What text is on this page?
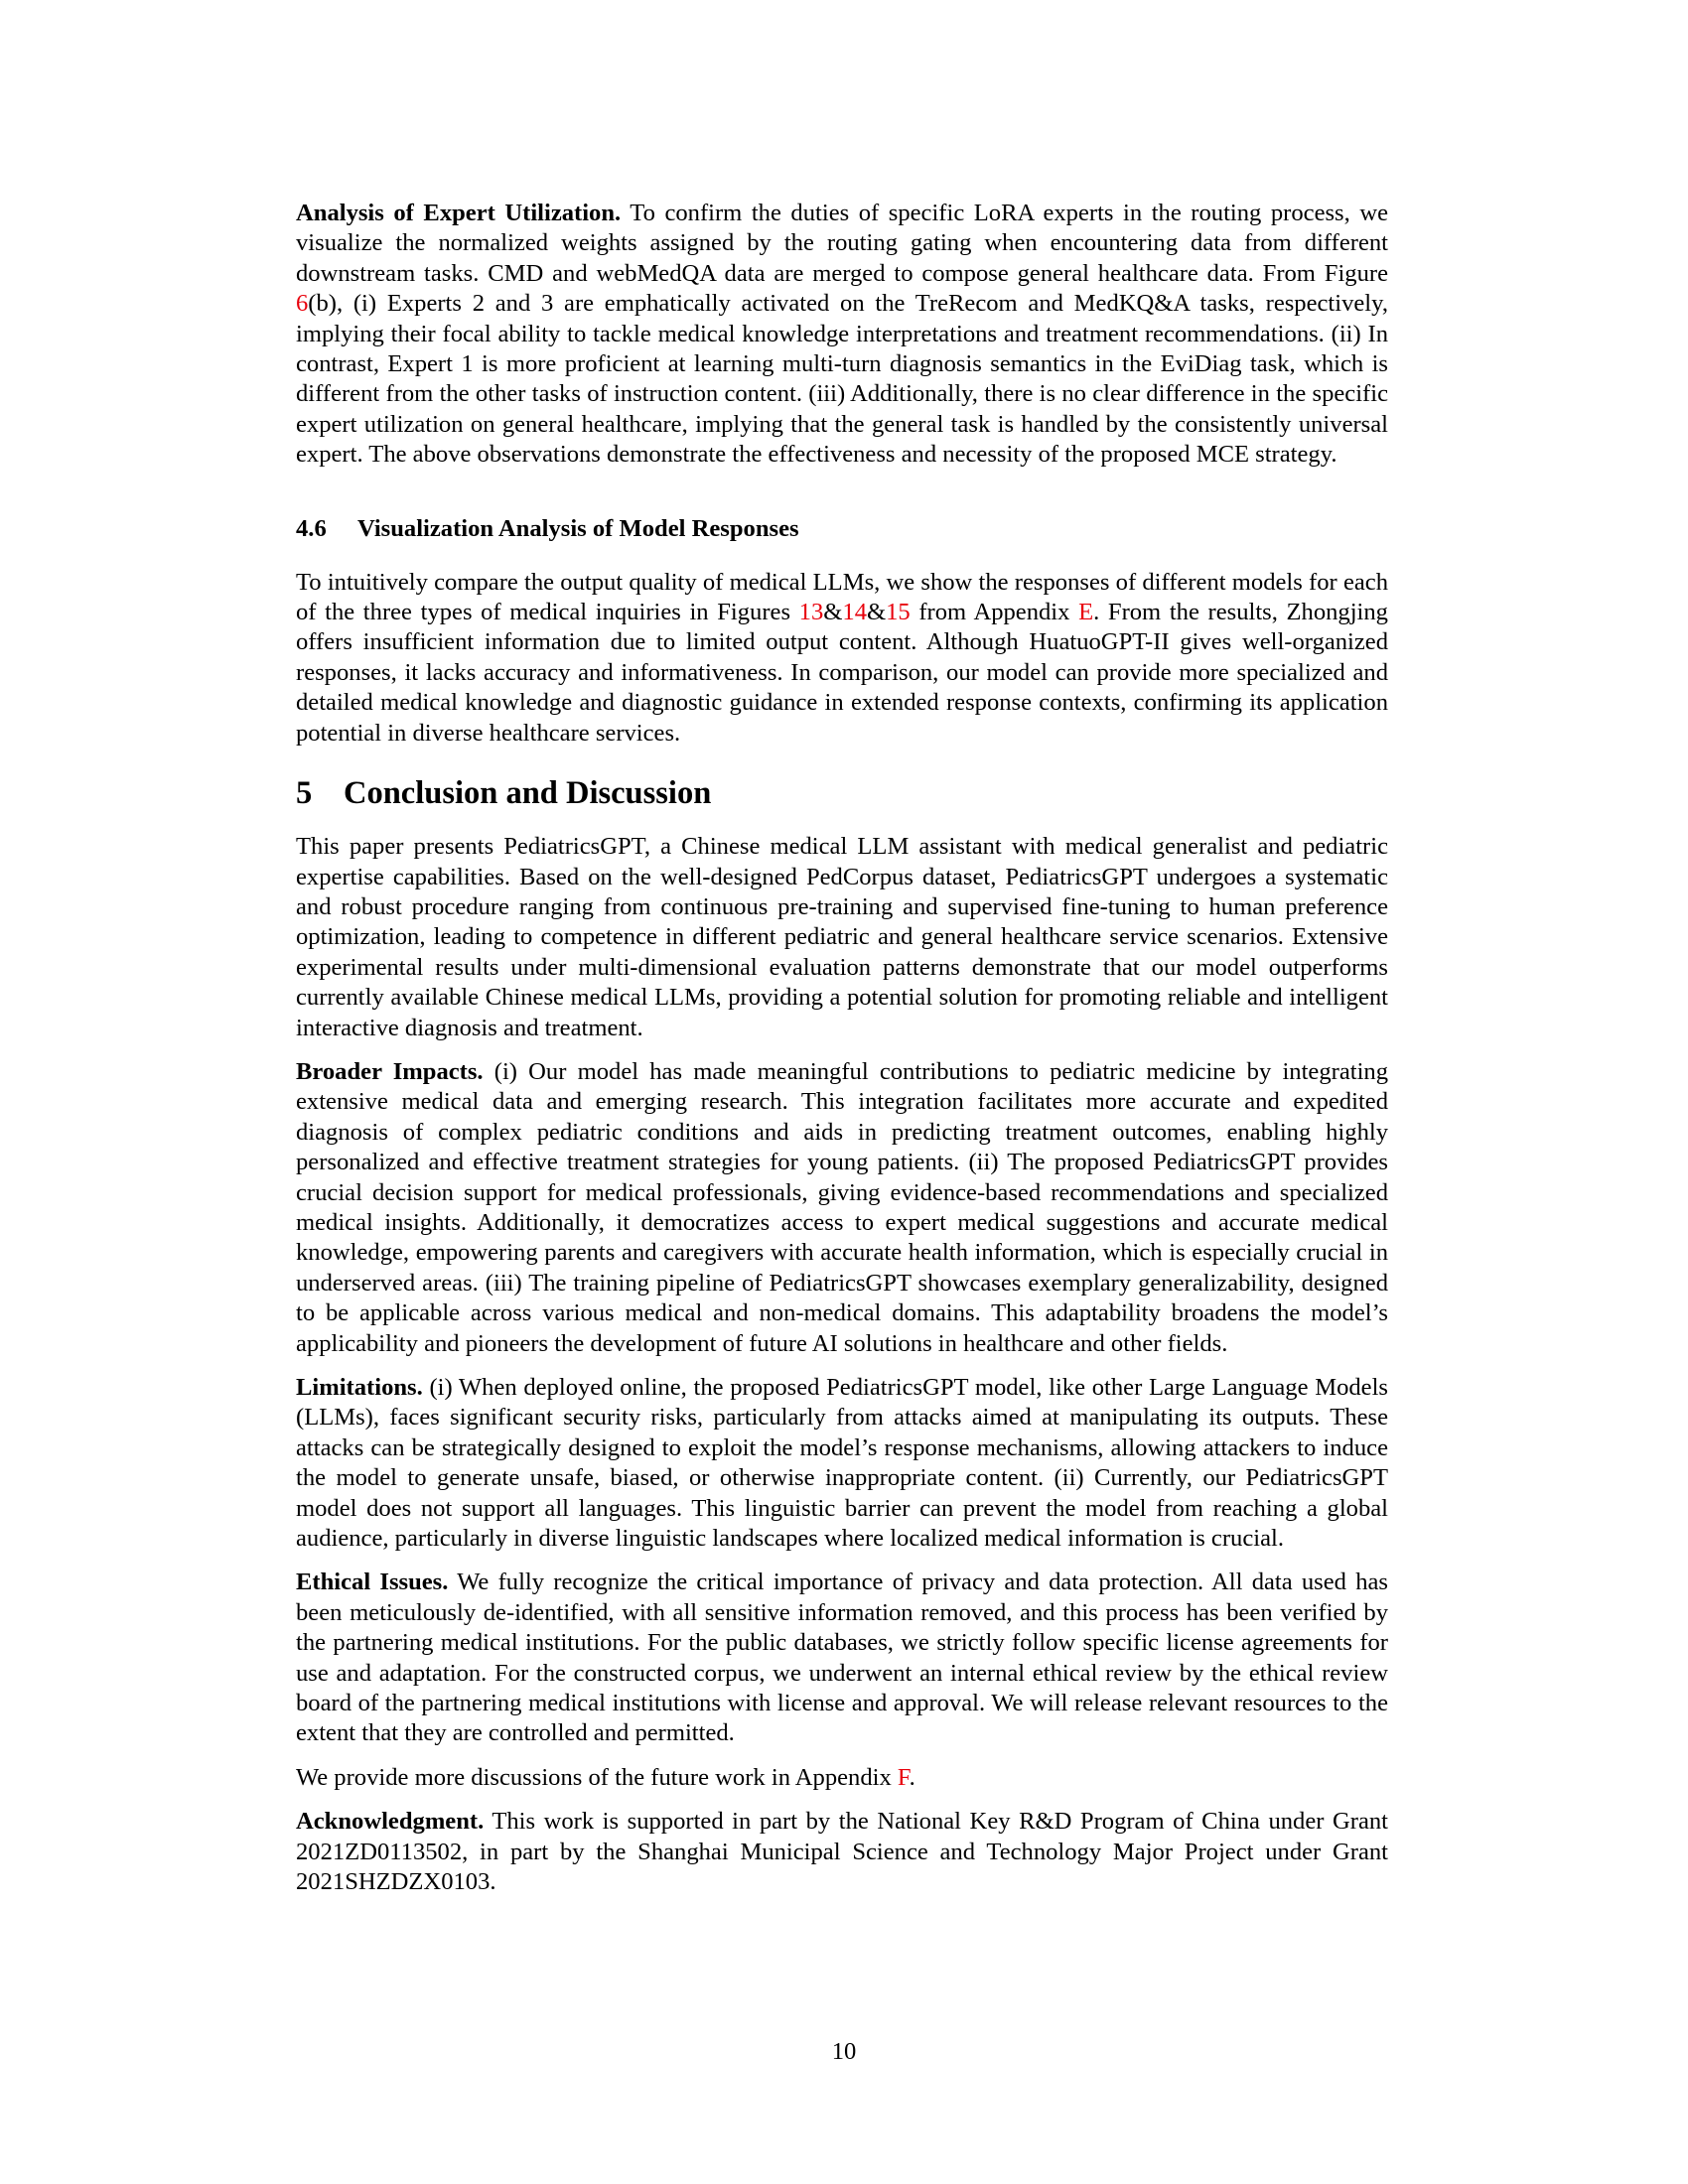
Analysis of Expert Utilization. To confirm the duties of specific LoRA experts in the routing process, we visualize the normalized weights assigned by the routing gating when encountering data from different downstream tasks. CMD and webMedQA data are merged to compose general healthcare data. From Figure 6(b), (i) Experts 2 and 3 are emphatically activated on the TreRecom and MedKQ&A tasks, respectively, implying their focal ability to tackle medical knowledge interpretations and treatment recommendations. (ii) In contrast, Expert 1 is more proficient at learning multi-turn diagnosis semantics in the EviDiag task, which is different from the other tasks of instruction content. (iii) Additionally, there is no clear difference in the specific expert utilization on general healthcare, implying that the general task is handled by the consistently universal expert. The above observations demonstrate the effectiveness and necessity of the proposed MCE strategy.

4.6 Visualization Analysis of Model Responses

To intuitively compare the output quality of medical LLMs, we show the responses of different models for each of the three types of medical inquiries in Figures 13&14&15 from Appendix E. From the results, Zhongjing offers insufficient information due to limited output content. Although HuatuoGPT-II gives well-organized responses, it lacks accuracy and informativeness. In comparison, our model can provide more specialized and detailed medical knowledge and diagnostic guidance in extended response contexts, confirming its application potential in diverse healthcare services.

5 Conclusion and Discussion

This paper presents PediatricsGPT, a Chinese medical LLM assistant with medical generalist and pediatric expertise capabilities. Based on the well-designed PedCorpus dataset, PediatricsGPT undergoes a systematic and robust procedure ranging from continuous pre-training and supervised fine-tuning to human preference optimization, leading to competence in different pediatric and general healthcare service scenarios. Extensive experimental results under multi-dimensional evaluation patterns demonstrate that our model outperforms currently available Chinese medical LLMs, providing a potential solution for promoting reliable and intelligent interactive diagnosis and treatment.

Broader Impacts. (i) Our model has made meaningful contributions to pediatric medicine by integrating extensive medical data and emerging research. This integration facilitates more accurate and expedited diagnosis of complex pediatric conditions and aids in predicting treatment outcomes, enabling highly personalized and effective treatment strategies for young patients. (ii) The proposed PediatricsGPT provides crucial decision support for medical professionals, giving evidence-based recommendations and specialized medical insights. Additionally, it democratizes access to expert medical suggestions and accurate medical knowledge, empowering parents and caregivers with accurate health information, which is especially crucial in underserved areas. (iii) The training pipeline of PediatricsGPT showcases exemplary generalizability, designed to be applicable across various medical and non-medical domains. This adaptability broadens the model’s applicability and pioneers the development of future AI solutions in healthcare and other fields.

Limitations. (i) When deployed online, the proposed PediatricsGPT model, like other Large Language Models (LLMs), faces significant security risks, particularly from attacks aimed at manipulating its outputs. These attacks can be strategically designed to exploit the model’s response mechanisms, allowing attackers to induce the model to generate unsafe, biased, or otherwise inappropriate content. (ii) Currently, our PediatricsGPT model does not support all languages. This linguistic barrier can prevent the model from reaching a global audience, particularly in diverse linguistic landscapes where localized medical information is crucial.

Ethical Issues. We fully recognize the critical importance of privacy and data protection. All data used has been meticulously de-identified, with all sensitive information removed, and this process has been verified by the partnering medical institutions. For the public databases, we strictly follow specific license agreements for use and adaptation. For the constructed corpus, we underwent an internal ethical review by the ethical review board of the partnering medical institutions with license and approval. We will release relevant resources to the extent that they are controlled and permitted.

We provide more discussions of the future work in Appendix F.

Acknowledgment. This work is supported in part by the National Key R&D Program of China under Grant 2021ZD0113502, in part by the Shanghai Municipal Science and Technology Major Project under Grant 2021SHZDZX0103.

10
